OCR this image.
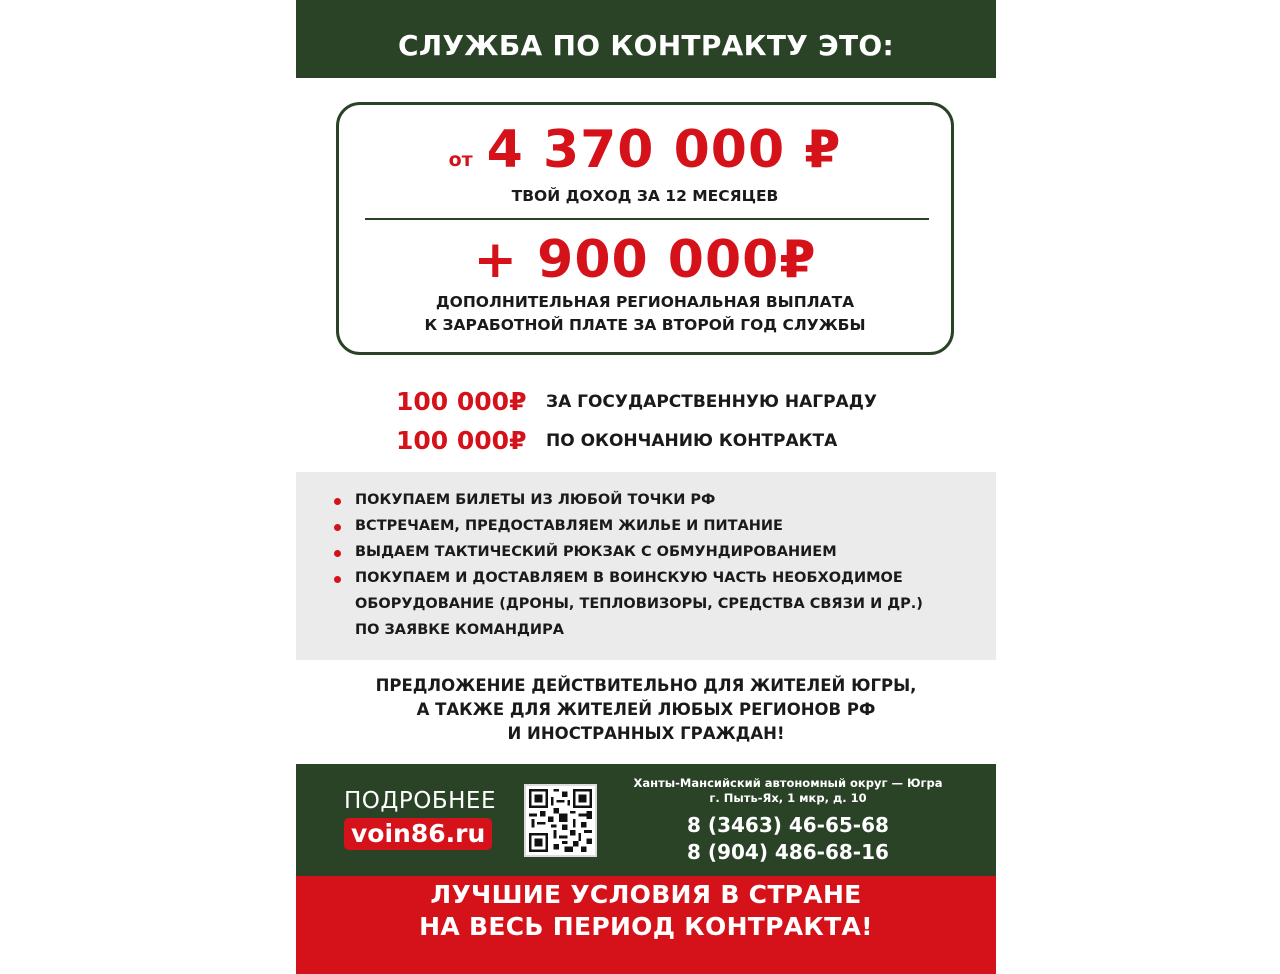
СЛУЖБА ПО КОНТРАКТУ ЭТО:
от 4 370 000 ₽
ТВОЙ ДОХОД ЗА 12 МЕСЯЦЕВ
+ 900 000₽
ДОПОЛНИТЕЛЬНАЯ РЕГИОНАЛЬНАЯ ВЫПЛАТА
К ЗАРАБОТНОЙ ПЛАТЕ ЗА ВТОРОЙ ГОД СЛУЖБЫ
100 000₽	ЗА ГОСУДАРСТВЕННУЮ НАГРАДУ
100 000₽	ПО ОКОНЧАНИЮ КОНТРАКТА
ПОКУПАЕМ БИЛЕТЫ ИЗ ЛЮБОЙ ТОЧКИ РФ
ВСТРЕЧАЕМ, ПРЕДОСТАВЛЯЕМ ЖИЛЬЕ И ПИТАНИЕ
ВЫДАЕМ ТАКТИЧЕСКИЙ РЮКЗАК С ОБМУНДИРОВАНИЕМ
ПОКУПАЕМ И ДОСТАВЛЯЕМ В ВОИНСКУЮ ЧАСТЬ НЕОБХОДИМОЕ
ОБОРУДОВАНИЕ (ДРОНЫ, ТЕПЛОВИЗОРЫ, СРЕДСТВА СВЯЗИ И ДР.)
ПО ЗАЯВКЕ КОМАНДИРА
ПРЕДЛОЖЕНИЕ ДЕЙСТВИТЕЛЬНО ДЛЯ ЖИТЕЛЕЙ ЮГРЫ,
А ТАКЖЕ ДЛЯ ЖИТЕЛЕЙ ЛЮБЫХ РЕГИОНОВ РФ
И ИНОСТРАННЫХ ГРАЖДАН!
ПОДРОБНЕЕ
voin86.ru
Ханты-Мансийский автономный округ — Югра
г. Пыть-Ях, 1 мкр, д. 10
8 (3463) 46-65-68
8 (904) 486-68-16
ЛУЧШИЕ УСЛОВИЯ В СТРАНЕ
НА ВЕСЬ ПЕРИОД КОНТРАКТА!
